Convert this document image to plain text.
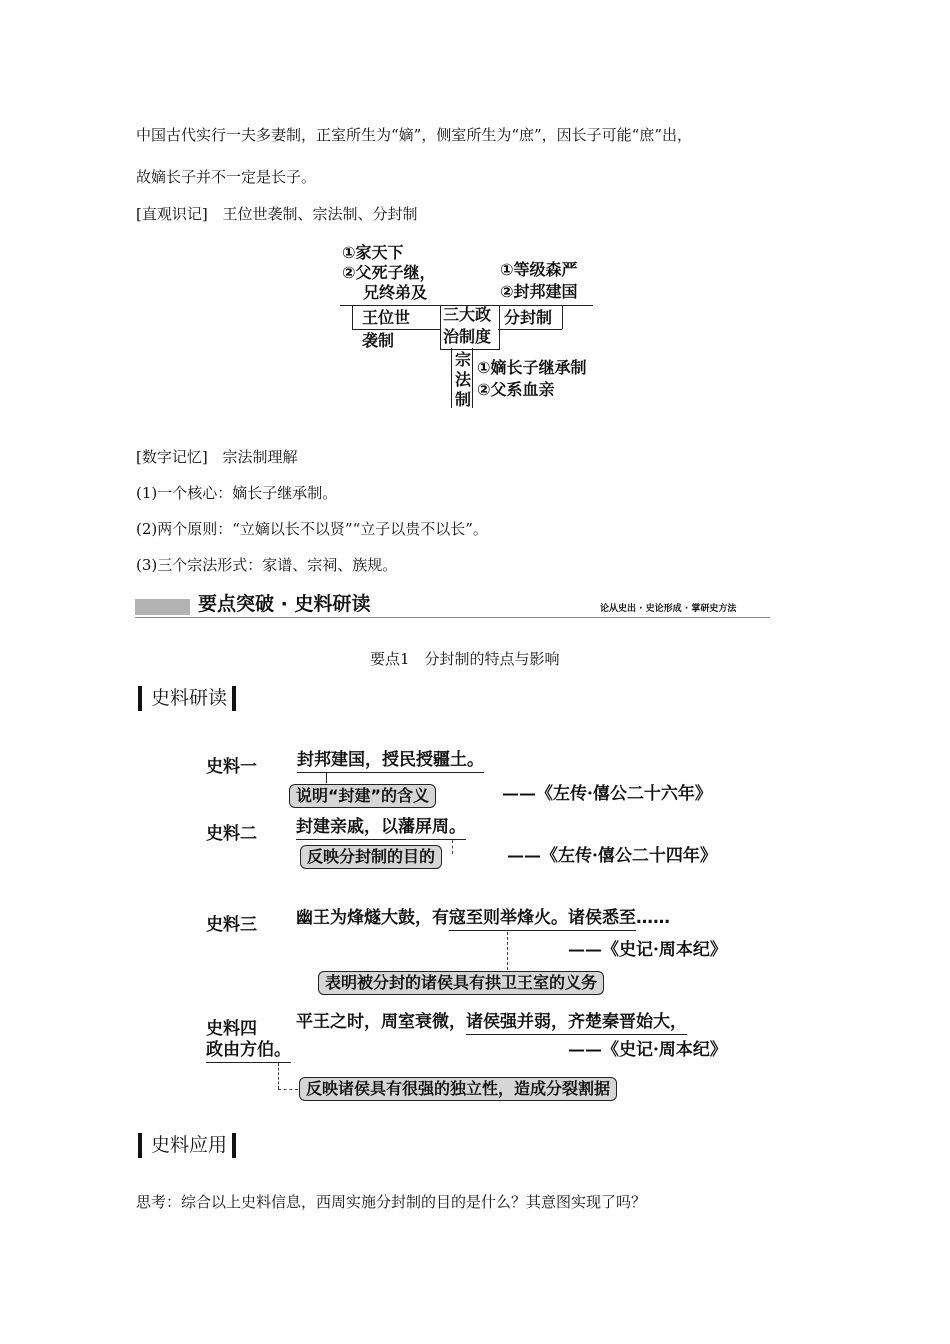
中国古代实行一夫多妻制，正室所生为“嫡”，侧室所生为“庶”，因长子可能“庶”出，
故嫡长子并不一定是长子。
[直观识记] 王位世袭制、宗法制、分封制
①家天下
②父死子继，
兄终弟及
①等级森严
②封邦建国
王位世
袭制
三大政
治制度
分封制
宗
法
制
①嫡长子继承制
②父系血亲
[数字记忆] 宗法制理解
(1)一个核心：嫡长子继承制。
(2)两个原则：“立嫡以长不以贤”“立子以贵不以长”。
(3)三个宗法形式：家谱、宗祠、族规。
要点突破 · 史料研读	论从史出 · 史论形成 · 掌研史方法
要点1　分封制的特点与影响
史料研读
史料一 封邦建国，授民授疆土。
说明“封建”的含义	——《左传·僖公二十六年》
史料二 封建亲戚，以藩屏周。
反映分封制的目的	——《左传·僖公二十四年》
史料三 幽王为烽燧大鼓，有寇至则举烽火。诸侯悉至……
——《史记·周本纪》
表明被分封的诸侯具有拱卫王室的义务
史料四 平王之时，周室衰微，诸侯强并弱，齐楚秦晋始大，
政由方伯。	——《史记·周本纪》
反映诸侯具有很强的独立性，造成分裂割据
史料应用
思考：综合以上史料信息，西周实施分封制的目的是什么？其意图实现了吗？
